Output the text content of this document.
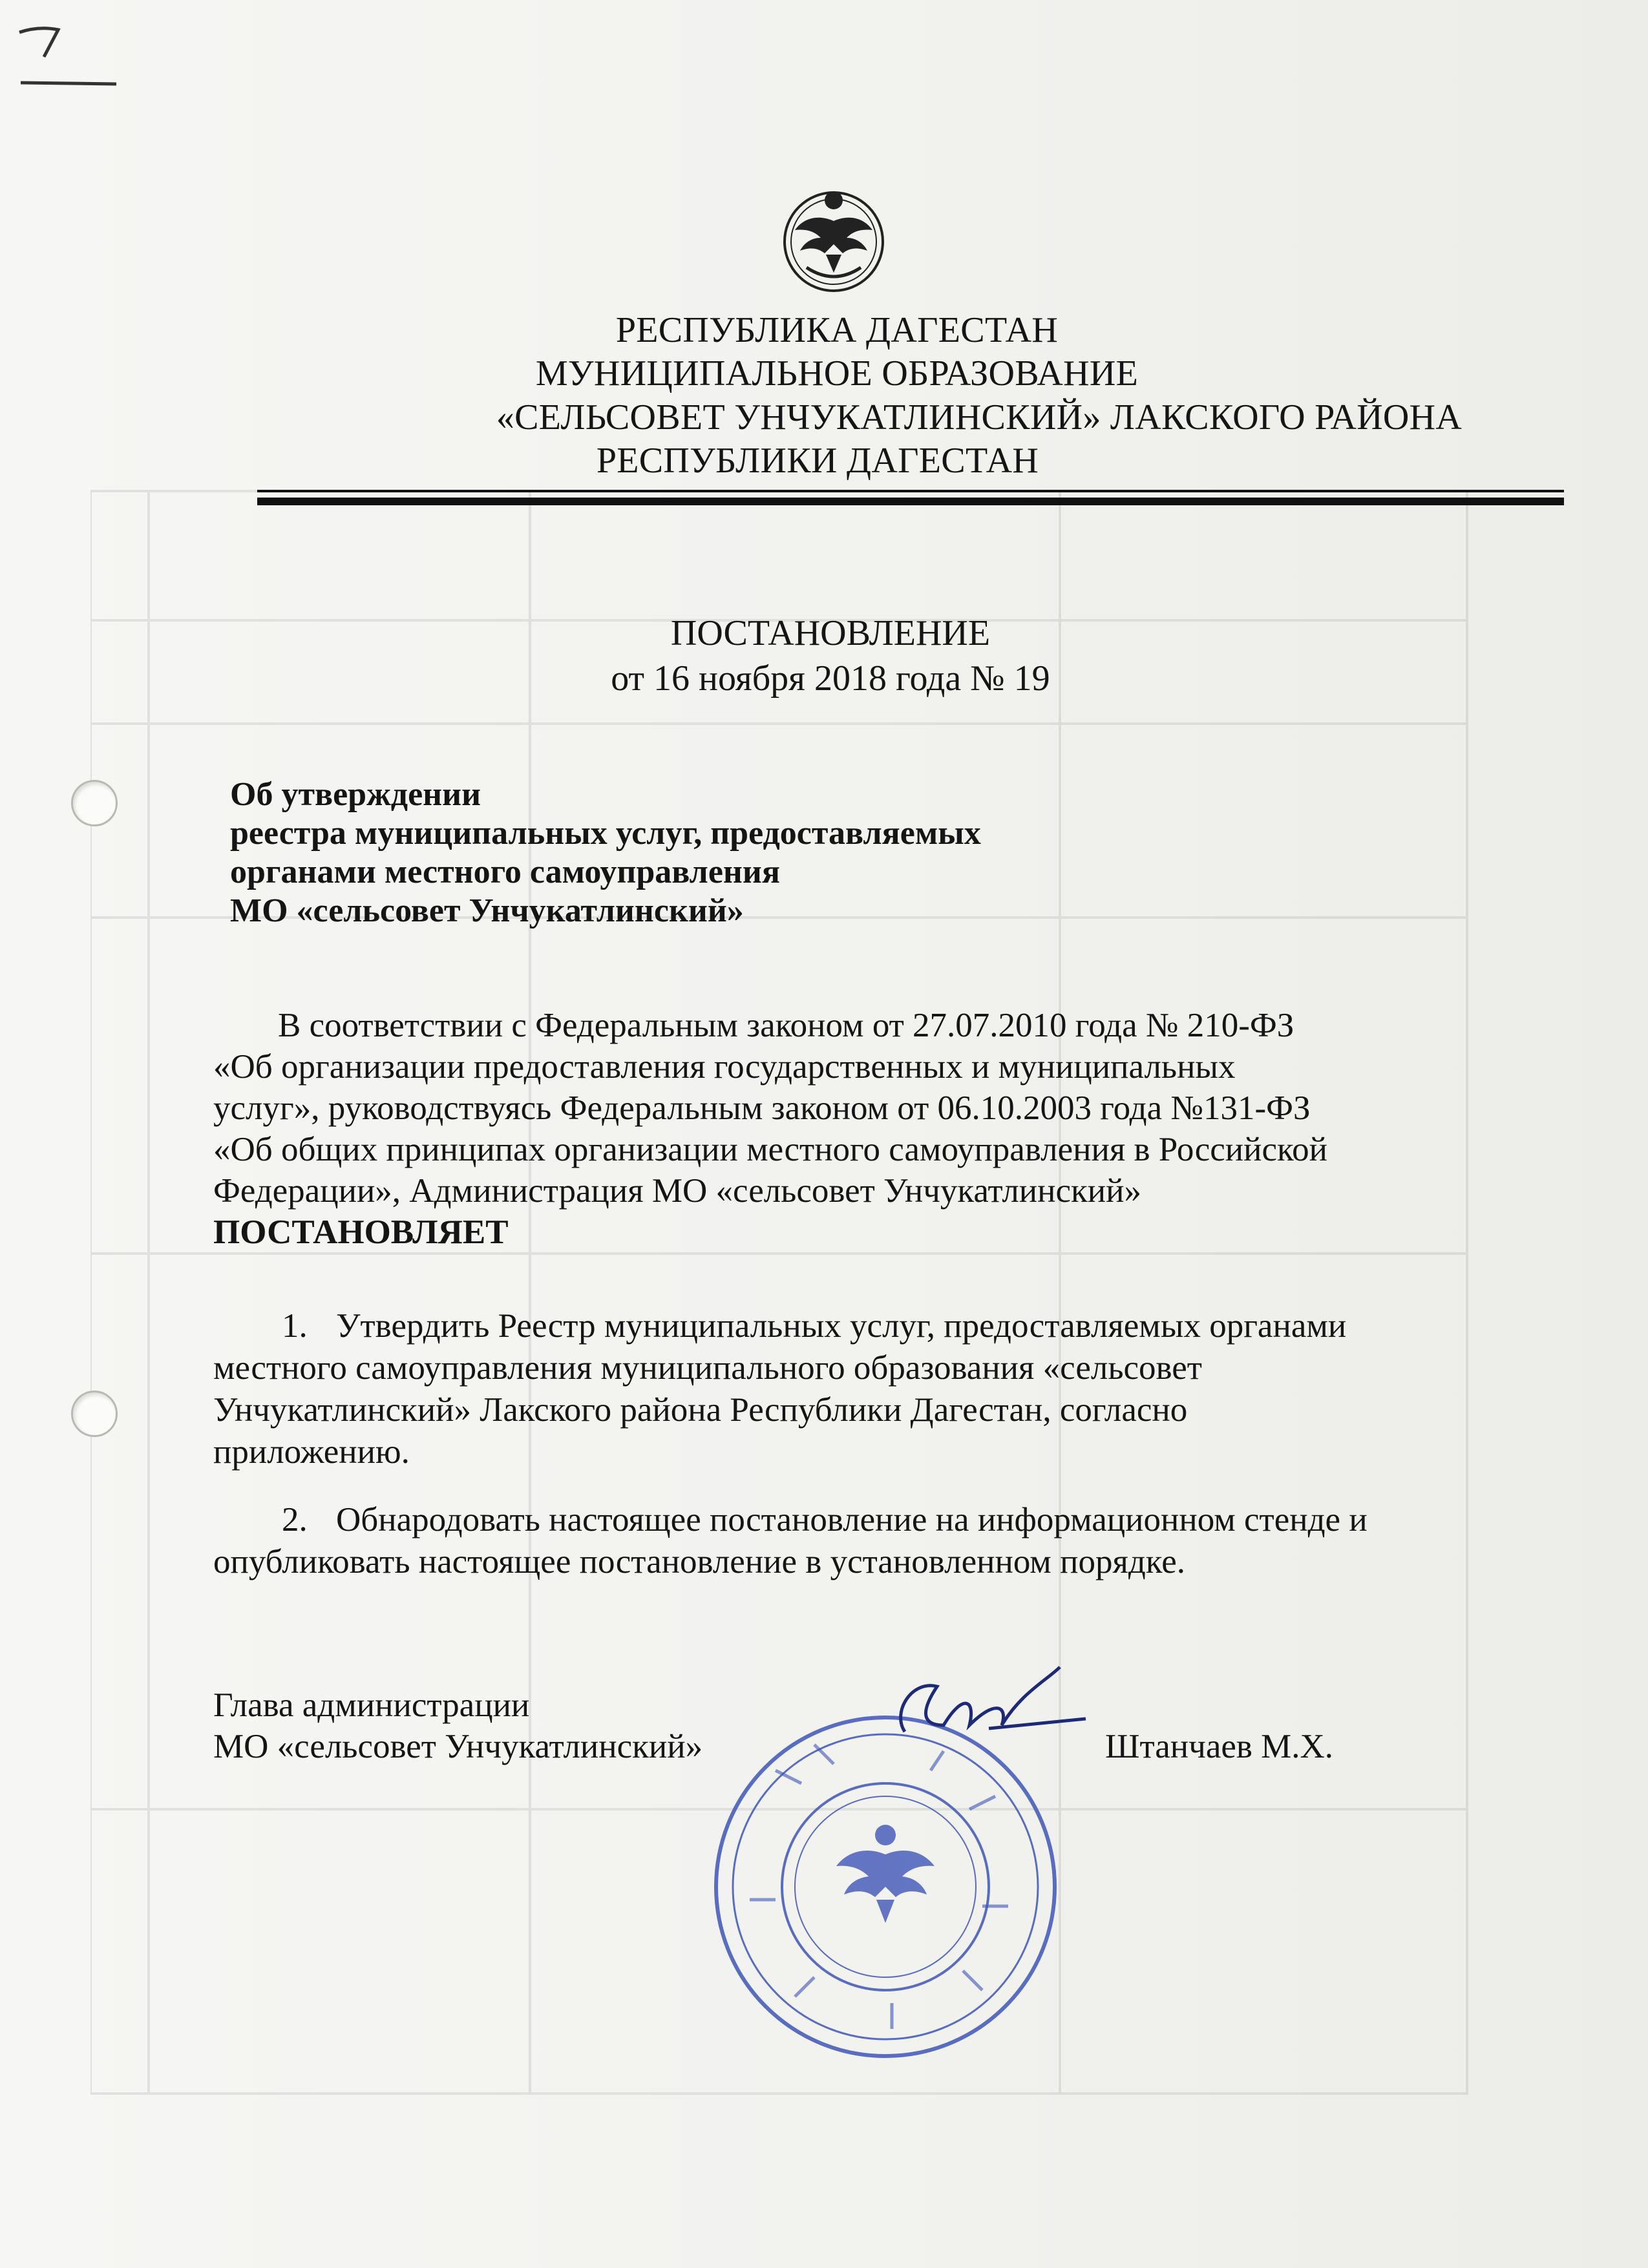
РЕСПУБЛИКА ДАГЕСТАН
МУНИЦИПАЛЬНОЕ ОБРАЗОВАНИЕ
«СЕЛЬСОВЕТ УНЧУКАТЛИНСКИЙ» ЛАКСКОГО РАЙОНА
РЕСПУБЛИКИ ДАГЕСТАН
ПОСТАНОВЛЕНИЕ
от 16 ноября 2018 года № 19
Об утверждении
реестра муниципальных услуг, предоставляемых
органами местного самоуправления
МО «сельсовет Унчукатлинский»
В соответствии с Федеральным законом от 27.07.2010 года № 210-ФЗ
«Об организации предоставления государственных и муниципальных
услуг», руководствуясь Федеральным законом от 06.10.2003 года №131-ФЗ
«Об общих принципах организации местного самоуправления в Российской
Федерации», Администрация МО «сельсовет Унчукатлинский»
ПОСТАНОВЛЯЕТ
1. Утвердить Реестр муниципальных услуг, предоставляемых органами
местного самоуправления муниципального образования «сельсовет
Унчукатлинский» Лакского района Республики Дагестан, согласно
приложению.
2. Обнародовать настоящее постановление на информационном стенде и
опубликовать настоящее постановление в установленном порядке.
Глава администрации
МО «сельсовет Унчукатлинский»	Штанчаев М.Х.
